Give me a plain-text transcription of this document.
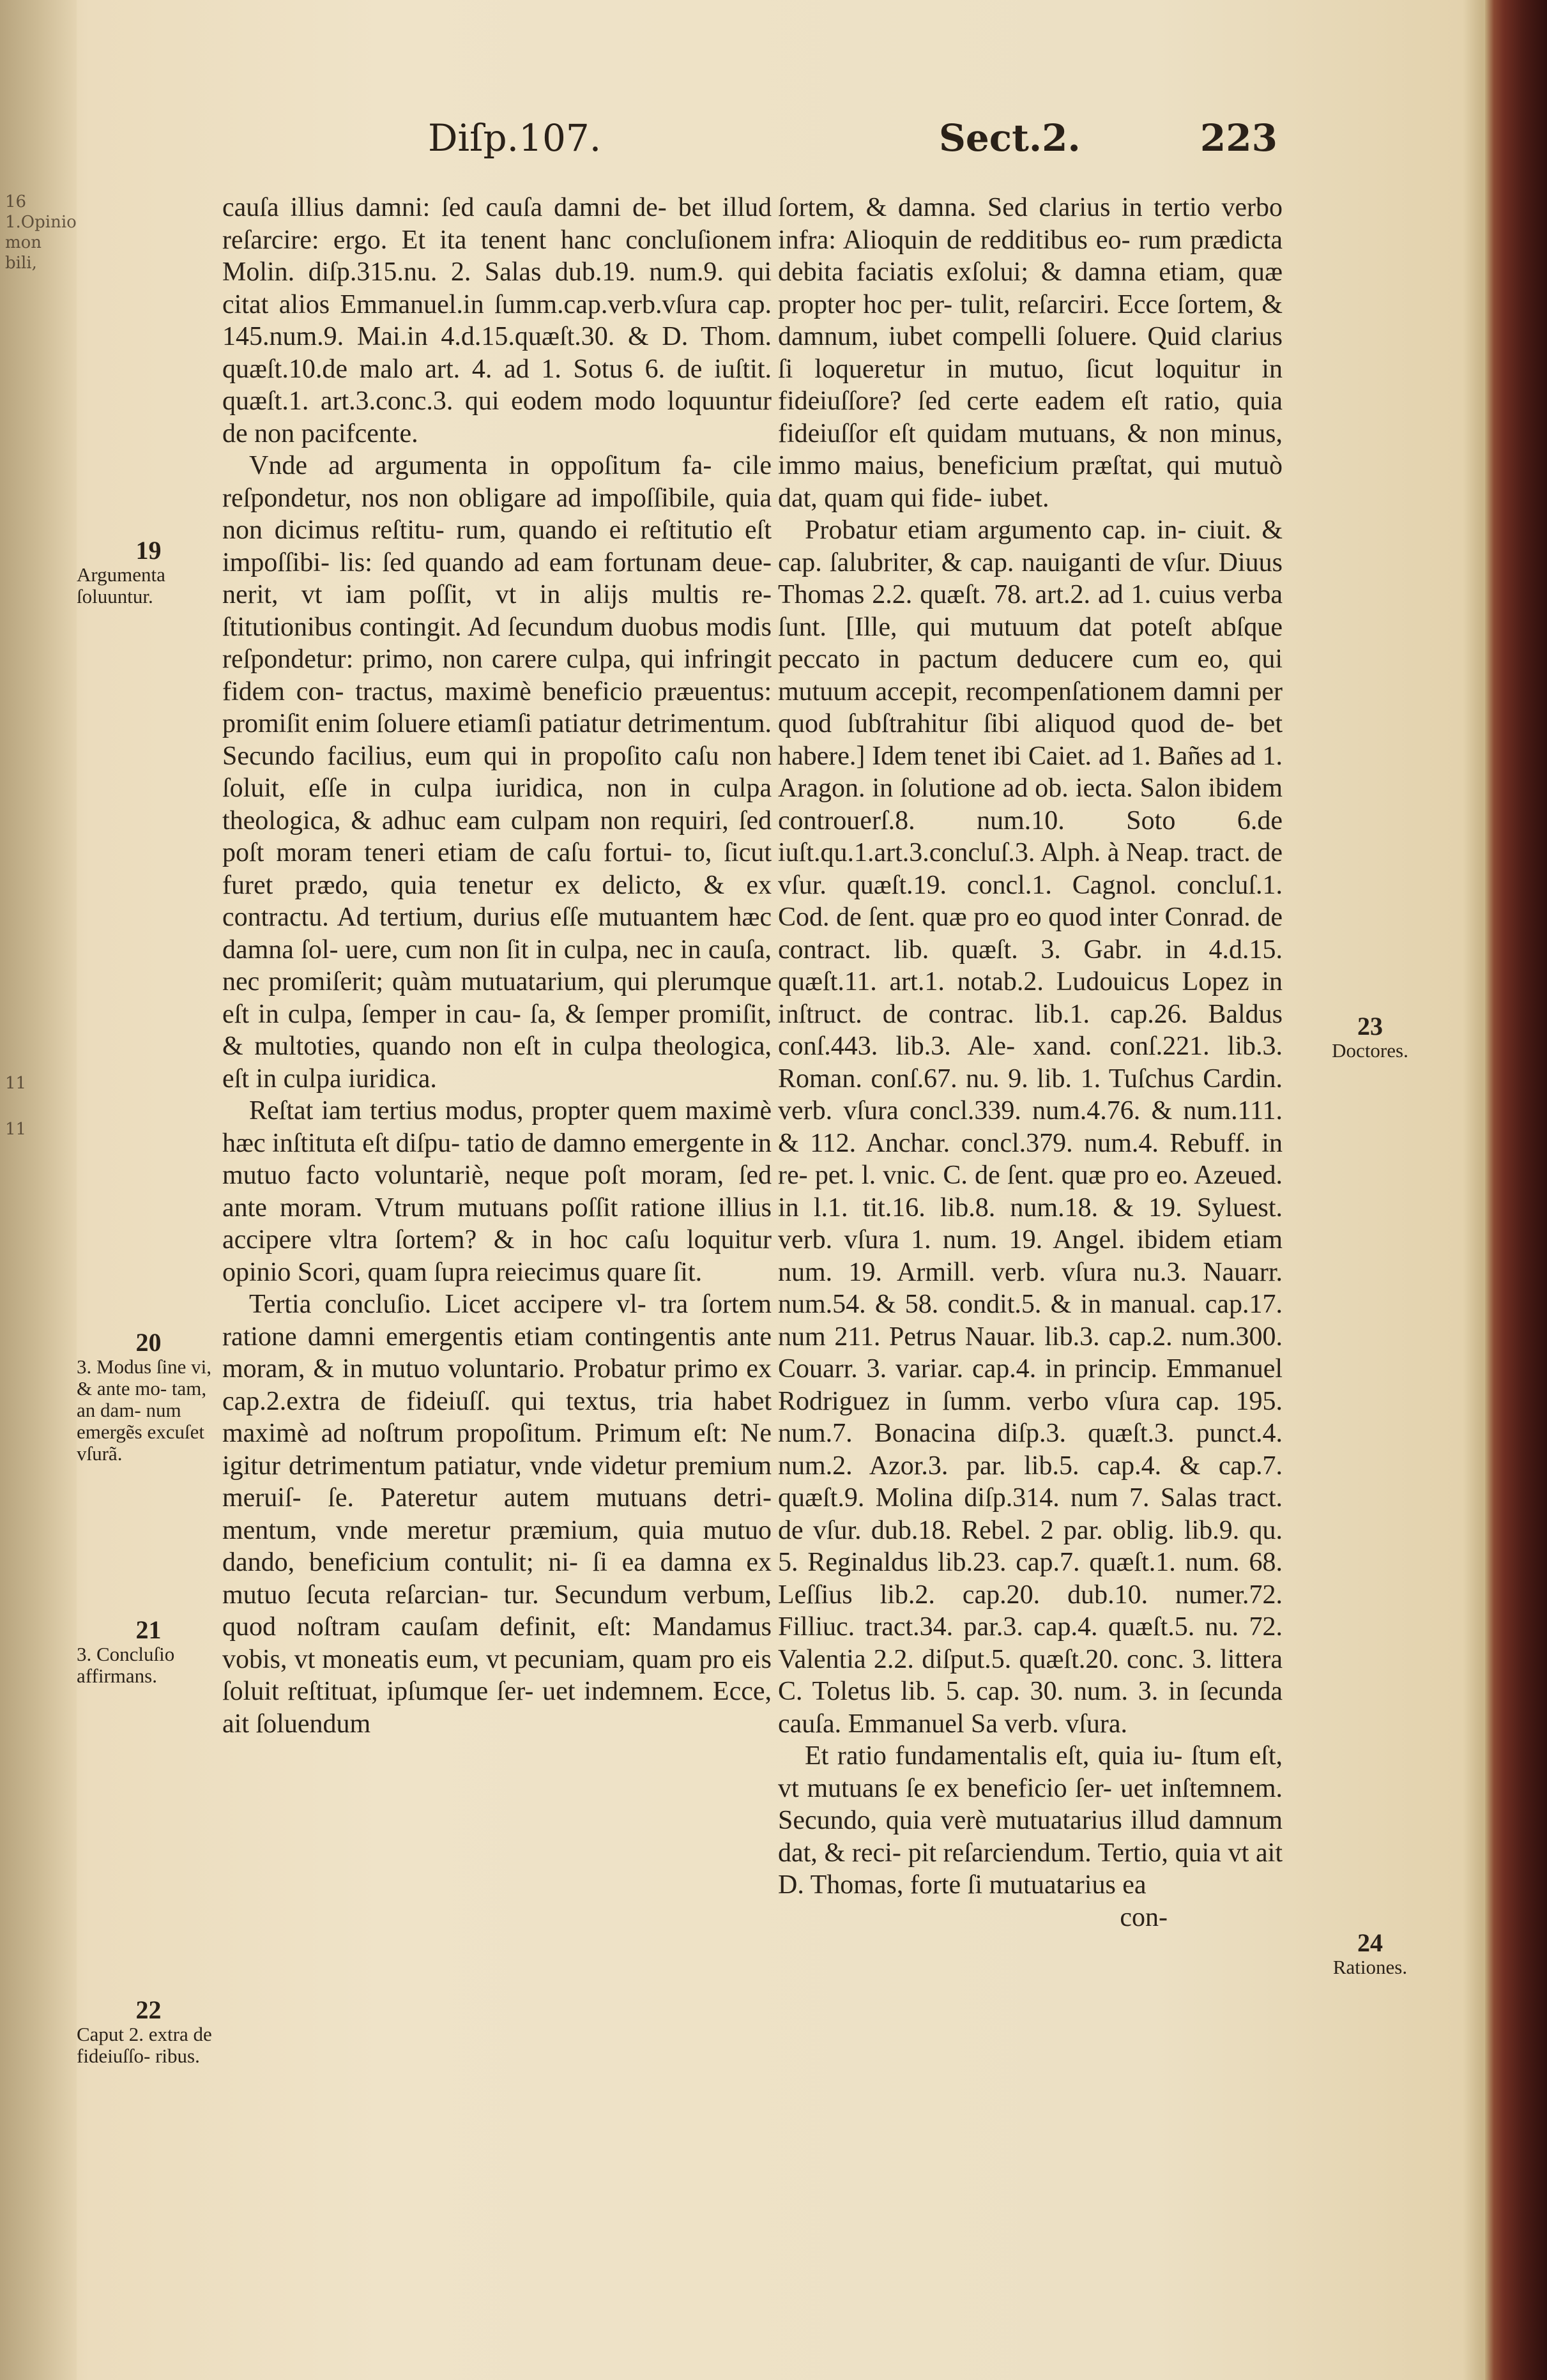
16
1.Opinio
mon
bili,
11
11
Diſp.107.	Sect.2.	223

cauſa illius damni: ſed cauſa damni de- bet illud reſarcire: ergo. Et ita tenent hanc concluſionem Molin. diſp.315.nu. 2. Salas dub.19. num.9. qui citat alios Emmanuel.in ſumm.cap.verb.vſura cap. 145.num.9. Mai.in 4.d.15.quæſt.30. & D. Thom. quæſt.10.de malo art. 4. ad 1. Sotus 6. de iuſtit. quæſt.1. art.3.conc.3. qui eodem modo loquuntur de non pacifcente.

Vnde ad argumenta in oppoſitum fa- cile reſpondetur, nos non obligare ad impoſſibile, quia non dicimus reſtitu- rum, quando ei reſtitutio eſt impoſſibi- lis: ſed quando ad eam fortunam deue- nerit, vt iam poſſit, vt in alijs multis re- ſtitutionibus contingit. Ad ſecundum duobus modis reſpondetur: primo, non carere culpa, qui infringit fidem con- tractus, maximè beneficio præuentus: promiſit enim ſoluere etiamſi patiatur detrimentum. Secundo facilius, eum qui in propoſito caſu non ſoluit, eſſe in culpa iuridica, non in culpa theologica, & adhuc eam culpam non requiri, ſed poſt moram teneri etiam de caſu fortui- to, ſicut furet prædo, quia tenetur ex delicto, & ex contractu. Ad tertium, durius eſſe mutuantem hæc damna ſol- uere, cum non ſit in culpa, nec in cauſa, nec promiſerit; quàm mutuatarium, qui plerumque eſt in culpa, ſemper in cau- ſa, & ſemper promiſit, & multoties, quando non eſt in culpa theologica, eſt in culpa iuridica.

Reſtat iam tertius modus, propter quem maximè hæc inſtituta eſt diſpu- tatio de damno emergente in mutuo facto voluntariè, neque poſt moram, ſed ante moram. Vtrum mutuans poſſit ratione illius accipere vltra ſortem? & in hoc caſu loquitur opinio Scori, quam ſupra reiecimus quare ſit.

Tertia concluſio. Licet accipere vl- tra ſortem ratione damni emergentis etiam contingentis ante moram, & in mutuo voluntario. Probatur primo ex cap.2.extra de fideiuſſ. qui textus, tria habet maximè ad noſtrum propoſitum. Primum eſt: Ne igitur detrimentum patiatur, vnde videtur premium meruiſ- ſe. Pateretur autem mutuans detri- mentum, vnde meretur præmium, quia mutuo dando, beneficium contulit; ni- ſi ea damna ex mutuo ſecuta reſarcian- tur. Secundum verbum, quod noſtram cauſam definit, eſt: Mandamus vobis, vt moneatis eum, vt pecuniam, quam pro eis ſoluit reſtituat, ipſumque ſer- uet indemnem. Ecce, ait ſoluendum

ſortem, & damna. Sed clarius in tertio verbo infra: Alioquin de redditibus eo- rum prædicta debita faciatis exſolui; & damna etiam, quæ propter hoc per- tulit, reſarciri. Ecce ſortem, & damnum, iubet compelli ſoluere. Quid clarius ſi loqueretur in mutuo, ſicut loquitur in fideiuſſore? ſed certe eadem eſt ratio, quia fideiuſſor eſt quidam mutuans, & non minus, immo maius, beneficium præſtat, qui mutuò dat, quam qui fide- iubet.

Probatur etiam argumento cap. in- ciuit. & cap. ſalubriter, & cap. nauiganti de vſur. Diuus Thomas 2.2. quæſt. 78. art.2. ad 1. cuius verba ſunt. [Ille, qui mutuum dat poteſt abſque peccato in pactum deducere cum eo, qui mutuum accepit, recompenſationem damni per quod ſubſtrahitur ſibi aliquod quod de- bet habere.] Idem tenet ibi Caiet. ad 1. Bañes ad 1. Aragon. in ſolutione ad ob. iecta. Salon ibidem controuerſ.8. num.10. Soto 6.de iuſt.qu.1.art.3.concluſ.3. Alph. à Neap. tract. de vſur. quæſt.19. concl.1. Cagnol. concluſ.1. Cod. de ſent. quæ pro eo quod inter Conrad. de contract. lib. quæſt. 3. Gabr. in 4.d.15. quæſt.11. art.1. notab.2. Ludouicus Lopez in inſtruct. de contrac. lib.1. cap.26. Baldus conſ.443. lib.3. Ale- xand. conſ.221. lib.3. Roman. conſ.67. nu. 9. lib. 1. Tuſchus Cardin. verb. vſura concl.339. num.4.76. & num.111. & 112. Anchar. concl.379. num.4. Rebuff. in re- pet. l. vnic. C. de ſent. quæ pro eo. Azeued. in l.1. tit.16. lib.8. num.18. & 19. Syluest. verb. vſura 1. num. 19. Angel. ibidem etiam num. 19. Armill. verb. vſura nu.3. Nauarr. num.54. & 58. condit.5. & in manual. cap.17. num 211. Petrus Nauar. lib.3. cap.2. num.300. Couarr. 3. variar. cap.4. in princip. Emmanuel Rodriguez in ſumm. verbo vſura cap. 195. num.7. Bonacina diſp.3. quæſt.3. punct.4. num.2. Azor.3. par. lib.5. cap.4. & cap.7. quæſt.9. Molina diſp.314. num 7. Salas tract. de vſur. dub.18. Rebel. 2 par. oblig. lib.9. qu. 5. Reginaldus lib.23. cap.7. quæſt.1. num. 68. Leſſius lib.2. cap.20. dub.10. numer.72. Filliuc. tract.34. par.3. cap.4. quæſt.5. nu. 72. Valentia 2.2. diſput.5. quæſt.20. conc. 3. littera C. Toletus lib. 5. cap. 30. num. 3. in ſecunda cauſa. Emmanuel Sa verb. vſura.

Et ratio fundamentalis eſt, quia iu- ſtum eſt, vt mutuans ſe ex beneficio ſer- uet inſtemnem. Secundo, quia verè mutuatarius illud damnum dat, & reci- pit reſarciendum. Tertio, quia vt ait D. Thomas, forte ſi mutuatarius ea

con-

19
Argumenta ſoluuntur.
20
3. Modus ſine vi, & ante mo- tam, an dam- num emergẽs excuſet vſurã.
21
3. Concluſio affirmans.
22
Caput 2. extra de fideiuſſo- ribus.
23
Doctores.
24
Rationes.
